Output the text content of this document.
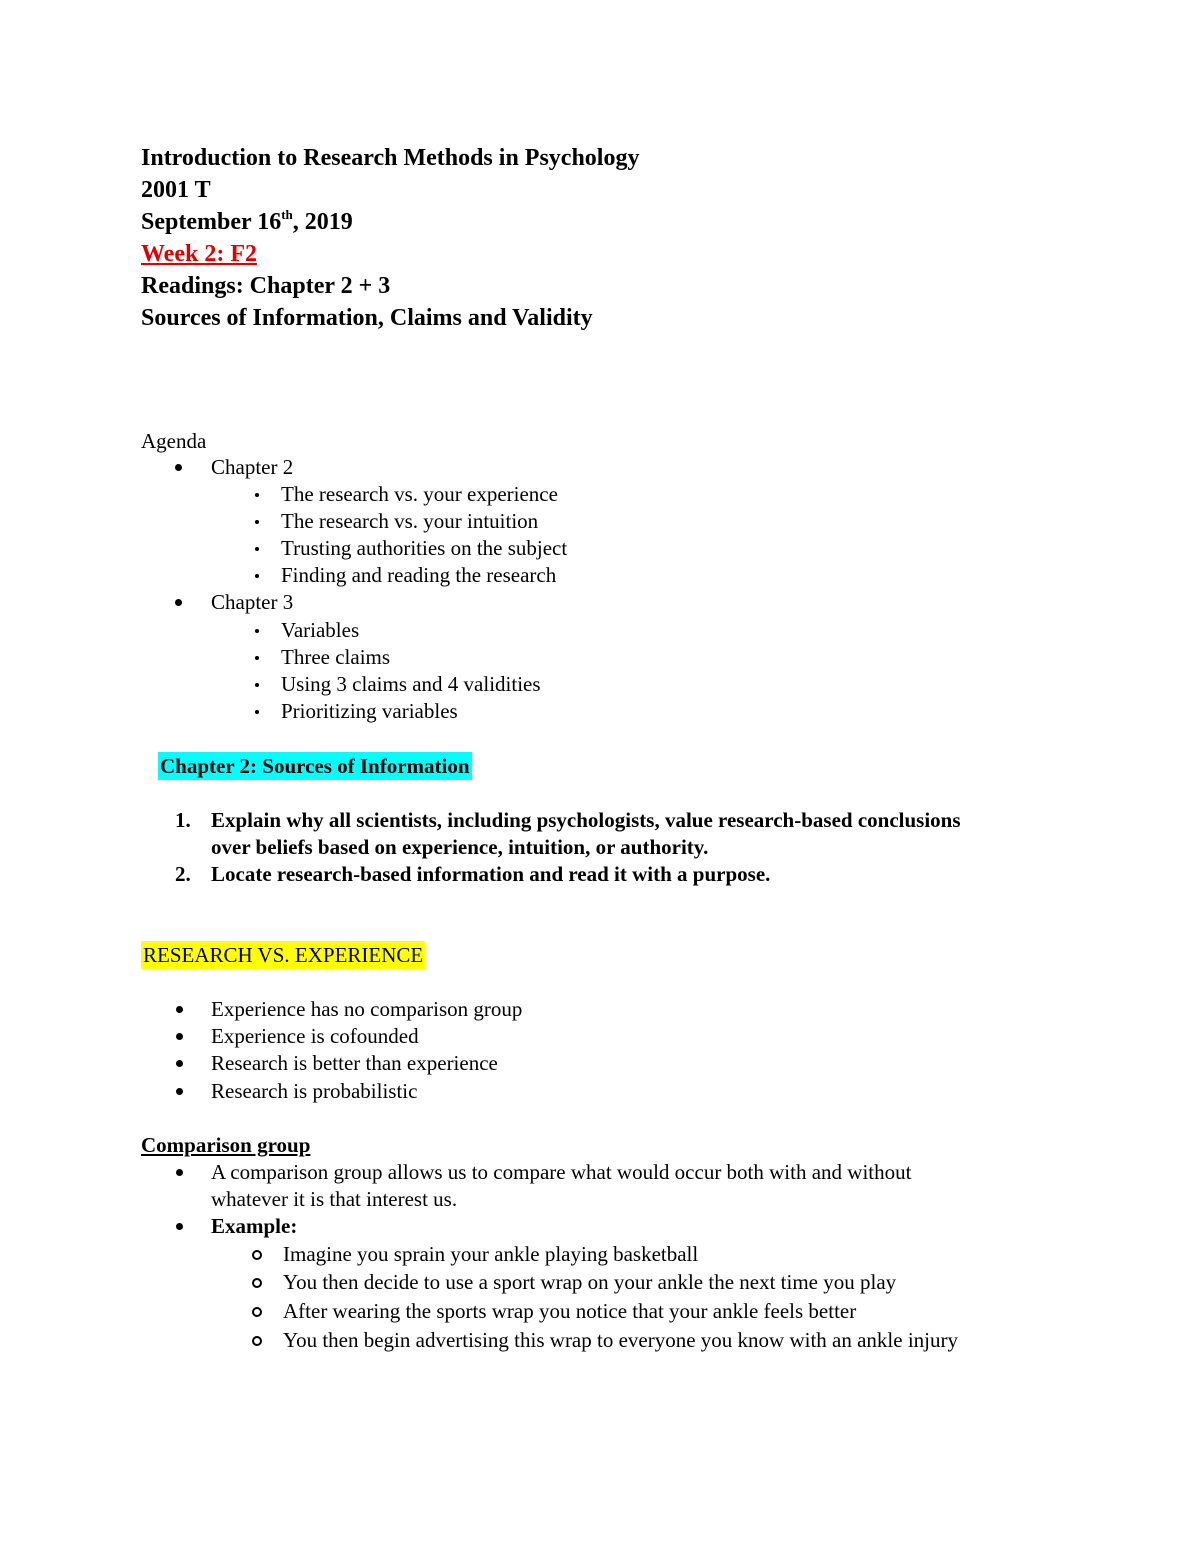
Introduction to Research Methods in Psychology
2001 T
September 16th, 2019
Week 2: F2
Readings: Chapter 2 + 3
Sources of Information, Claims and Validity
Agenda
Chapter 2
The research vs. your experience
The research vs. your intuition
Trusting authorities on the subject
Finding and reading the research
Chapter 3
Variables
Three claims
Using 3 claims and 4 validities
Prioritizing variables
Chapter 2: Sources of Information
1. Explain why all scientists, including psychologists, value research-based conclusions
over beliefs based on experience, intuition, or authority.
2. Locate research-based information and read it with a purpose.
RESEARCH VS. EXPERIENCE
Experience has no comparison group
Experience is cofounded
Research is better than experience
Research is probabilistic
Comparison group
A comparison group allows us to compare what would occur both with and without
whatever it is that interest us.
Example:
Imagine you sprain your ankle playing basketball
You then decide to use a sport wrap on your ankle the next time you play
After wearing the sports wrap you notice that your ankle feels better
You then begin advertising this wrap to everyone you know with an ankle injury
